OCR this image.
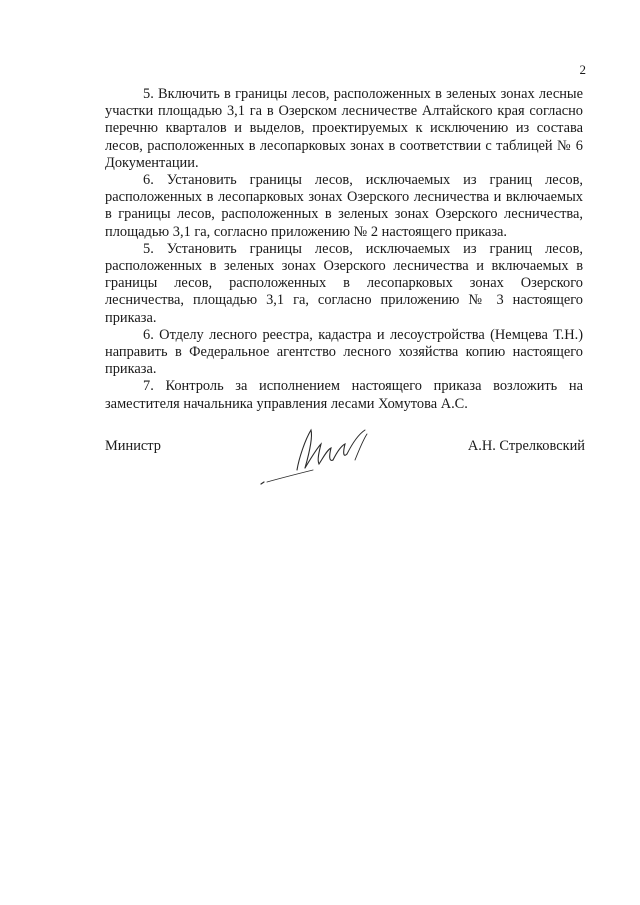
2

5. Включить в границы лесов, расположенных в зеленых зонах лесные участки площадью 3,1 га в Озерском лесничестве Алтайского края согласно перечню кварталов и выделов, проектируемых к исключению из состава лесов, расположенных в лесопарковых зонах в соответствии с таблицей № 6 Документации.

6. Установить границы лесов, исключаемых из границ лесов, расположенных в лесопарковых зонах Озерского лесничества и включаемых в границы лесов, расположенных в зеленых зонах Озерского лесничества, площадью 3,1 га, согласно приложению № 2 настоящего приказа.

5. Установить границы лесов, исключаемых из границ лесов, расположенных в зеленых зонах Озерского лесничества и включаемых в границы лесов, расположенных в лесопарковых зонах Озерского лесничества, площадью 3,1 га, согласно приложению № 3 настоящего приказа.

6. Отделу лесного реестра, кадастра и лесоустройства (Немцева Т.Н.) направить в Федеральное агентство лесного хозяйства копию настоящего приказа.

7. Контроль за исполнением настоящего приказа возложить на заместителя начальника управления лесами Хомутова А.С.

Министр	А.Н. Стрелковский
